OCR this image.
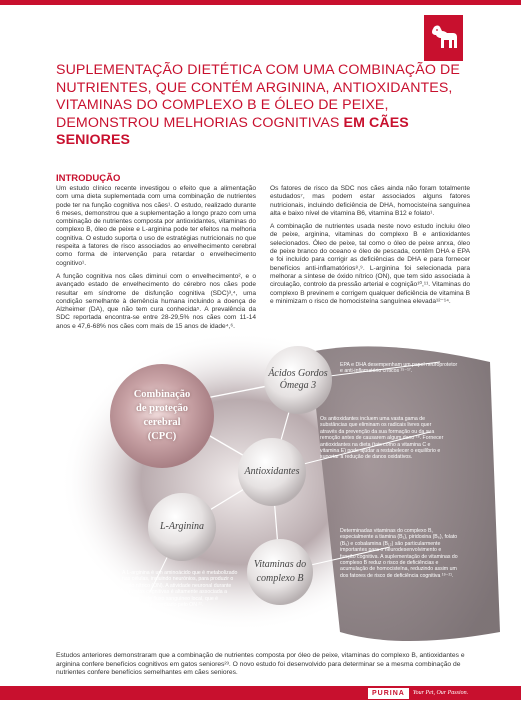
SUPLEMENTAÇÃO DIETÉTICA COM UMA COMBINAÇÃO DE NUTRIENTES, QUE CONTÉM ARGININA, ANTIOXIDANTES, VITAMINAS DO COMPLEXO B E ÓLEO DE PEIXE, DEMONSTROU MELHORIAS COGNITIVAS EM CÃES SENIORES
INTRODUÇÃO

Um estudo clínico recente investigou o efeito que a alimentação com uma dieta suplementada com uma combinação de nutrientes pode ter na função cognitiva nos cães¹. O estudo, realizado durante 6 meses, demonstrou que a suplementação a longo prazo com uma combinação de nutrientes composta por antioxidantes, vitaminas do complexo B, óleo de peixe e L-arginina pode ter efeitos na melhoria cognitiva. O estudo suporta o uso de estratégias nutricionais no que respeita a fatores de risco associados ao envelhecimento cerebral como forma de intervenção para retardar o envelhecimento cognitivo¹.

A função cognitiva nos cães diminui com o envelhecimento², e o avançado estado de envelhecimento do cérebro nos cães pode resultar em síndrome de disfunção cognitiva (SDC)³,⁴, uma condição semelhante à demência humana incluindo a doença de Alzheimer (DA), que não tem cura conhecida⁵. A prevalência da SDC reportada encontra-se entre 28-29,5% nos cães com 11-14 anos e 47,6-68% nos cães com mais de 15 anos de idade⁴,⁶.

Os fatores de risco da SDC nos cães ainda não foram totalmente estudados⁷, mas podem estar associados alguns fatores nutricionais, incluindo deficiência de DHA, homocisteína sanguínea alta e baixo nível de vitamina B6, vitamina B12 e folato¹.

A combinação de nutrientes usada neste novo estudo incluiu óleo de peixe, arginina, vitaminas do complexo B e antioxidantes selecionados. Óleo de peixe, tal como o óleo de peixe anrxa, óleo de peixe branco do oceano e óleo de pescada, contêm DHA e EPA e foi incluído para corrigir as deficiências de DHA e para fornecer benefícios anti-inflamatórios⁸,⁹. L-arginina foi selecionada para melhorar a síntese de óxido nítrico (ON), que tem sido associada à circulação, controlo da pressão arterial e cognição¹⁰,¹¹. Vitaminas do complexo B previnem e corrigem qualquer deficiência de vitamina B e minimizam o risco de homocisteína sanguínea elevada¹²⁻¹⁴.

Combinação
de proteção
cerebral
(CPC)
Ácidos Gordos
Ómega 3
Antioxidantes
L-Arginina
Vitaminas do
complexo B
EPA e DHA desempenham um papel neuroprotetor e anti-inflamatório críticos ¹⁵⁻¹⁷.
Os antioxidantes incluem uma vasta gama de substâncias que eliminam os radicais livres quer através da prevenção da sua formação ou da sua remoção antes de causarem algum dano ¹⁸. Fornecer antioxidantes na dieta (tais como a vitamina C e vitamina E) pode ajudar a restabelecer o equilíbrio e suportar a redução de danos oxidativos.
Determinadas vitaminas do complexo B, especialmente a tiamina (B₁), piridoxina (B₆), folato (B₉) e cobalamina (B₁₂) são particularmente importantes para o neurodesenvolvimento e função cognitiva. A suplementação de vitaminas do complexo B reduz o risco de deficiências e acumulação de homocisteína, reduzindo assim um dos fatores de risco de deficiência cognitiva ¹⁹⁻²¹.
A L-arginina é um aminoácido que é metabolizado nas células, incluindo neurónios, para produzir o óxido nítrico (ON). A atividade neuronal durante as tarefas cognitivas é altamente associada a aumentos de fluxo sanguíneo local, que é primariamente mediado pelo ON ²².
Estudos anteriores demonstraram que a combinação de nutrientes composta por óleo de peixe, vitaminas do complexo B, antioxidantes e arginina confere benefícios cognitivos em gatos seniores²³. O novo estudo foi desenvolvido para determinar se a mesma combinação de nutrientes confere benefícios semelhantes em cães seniores.
PURINA	Your Pet, Our Passion.
